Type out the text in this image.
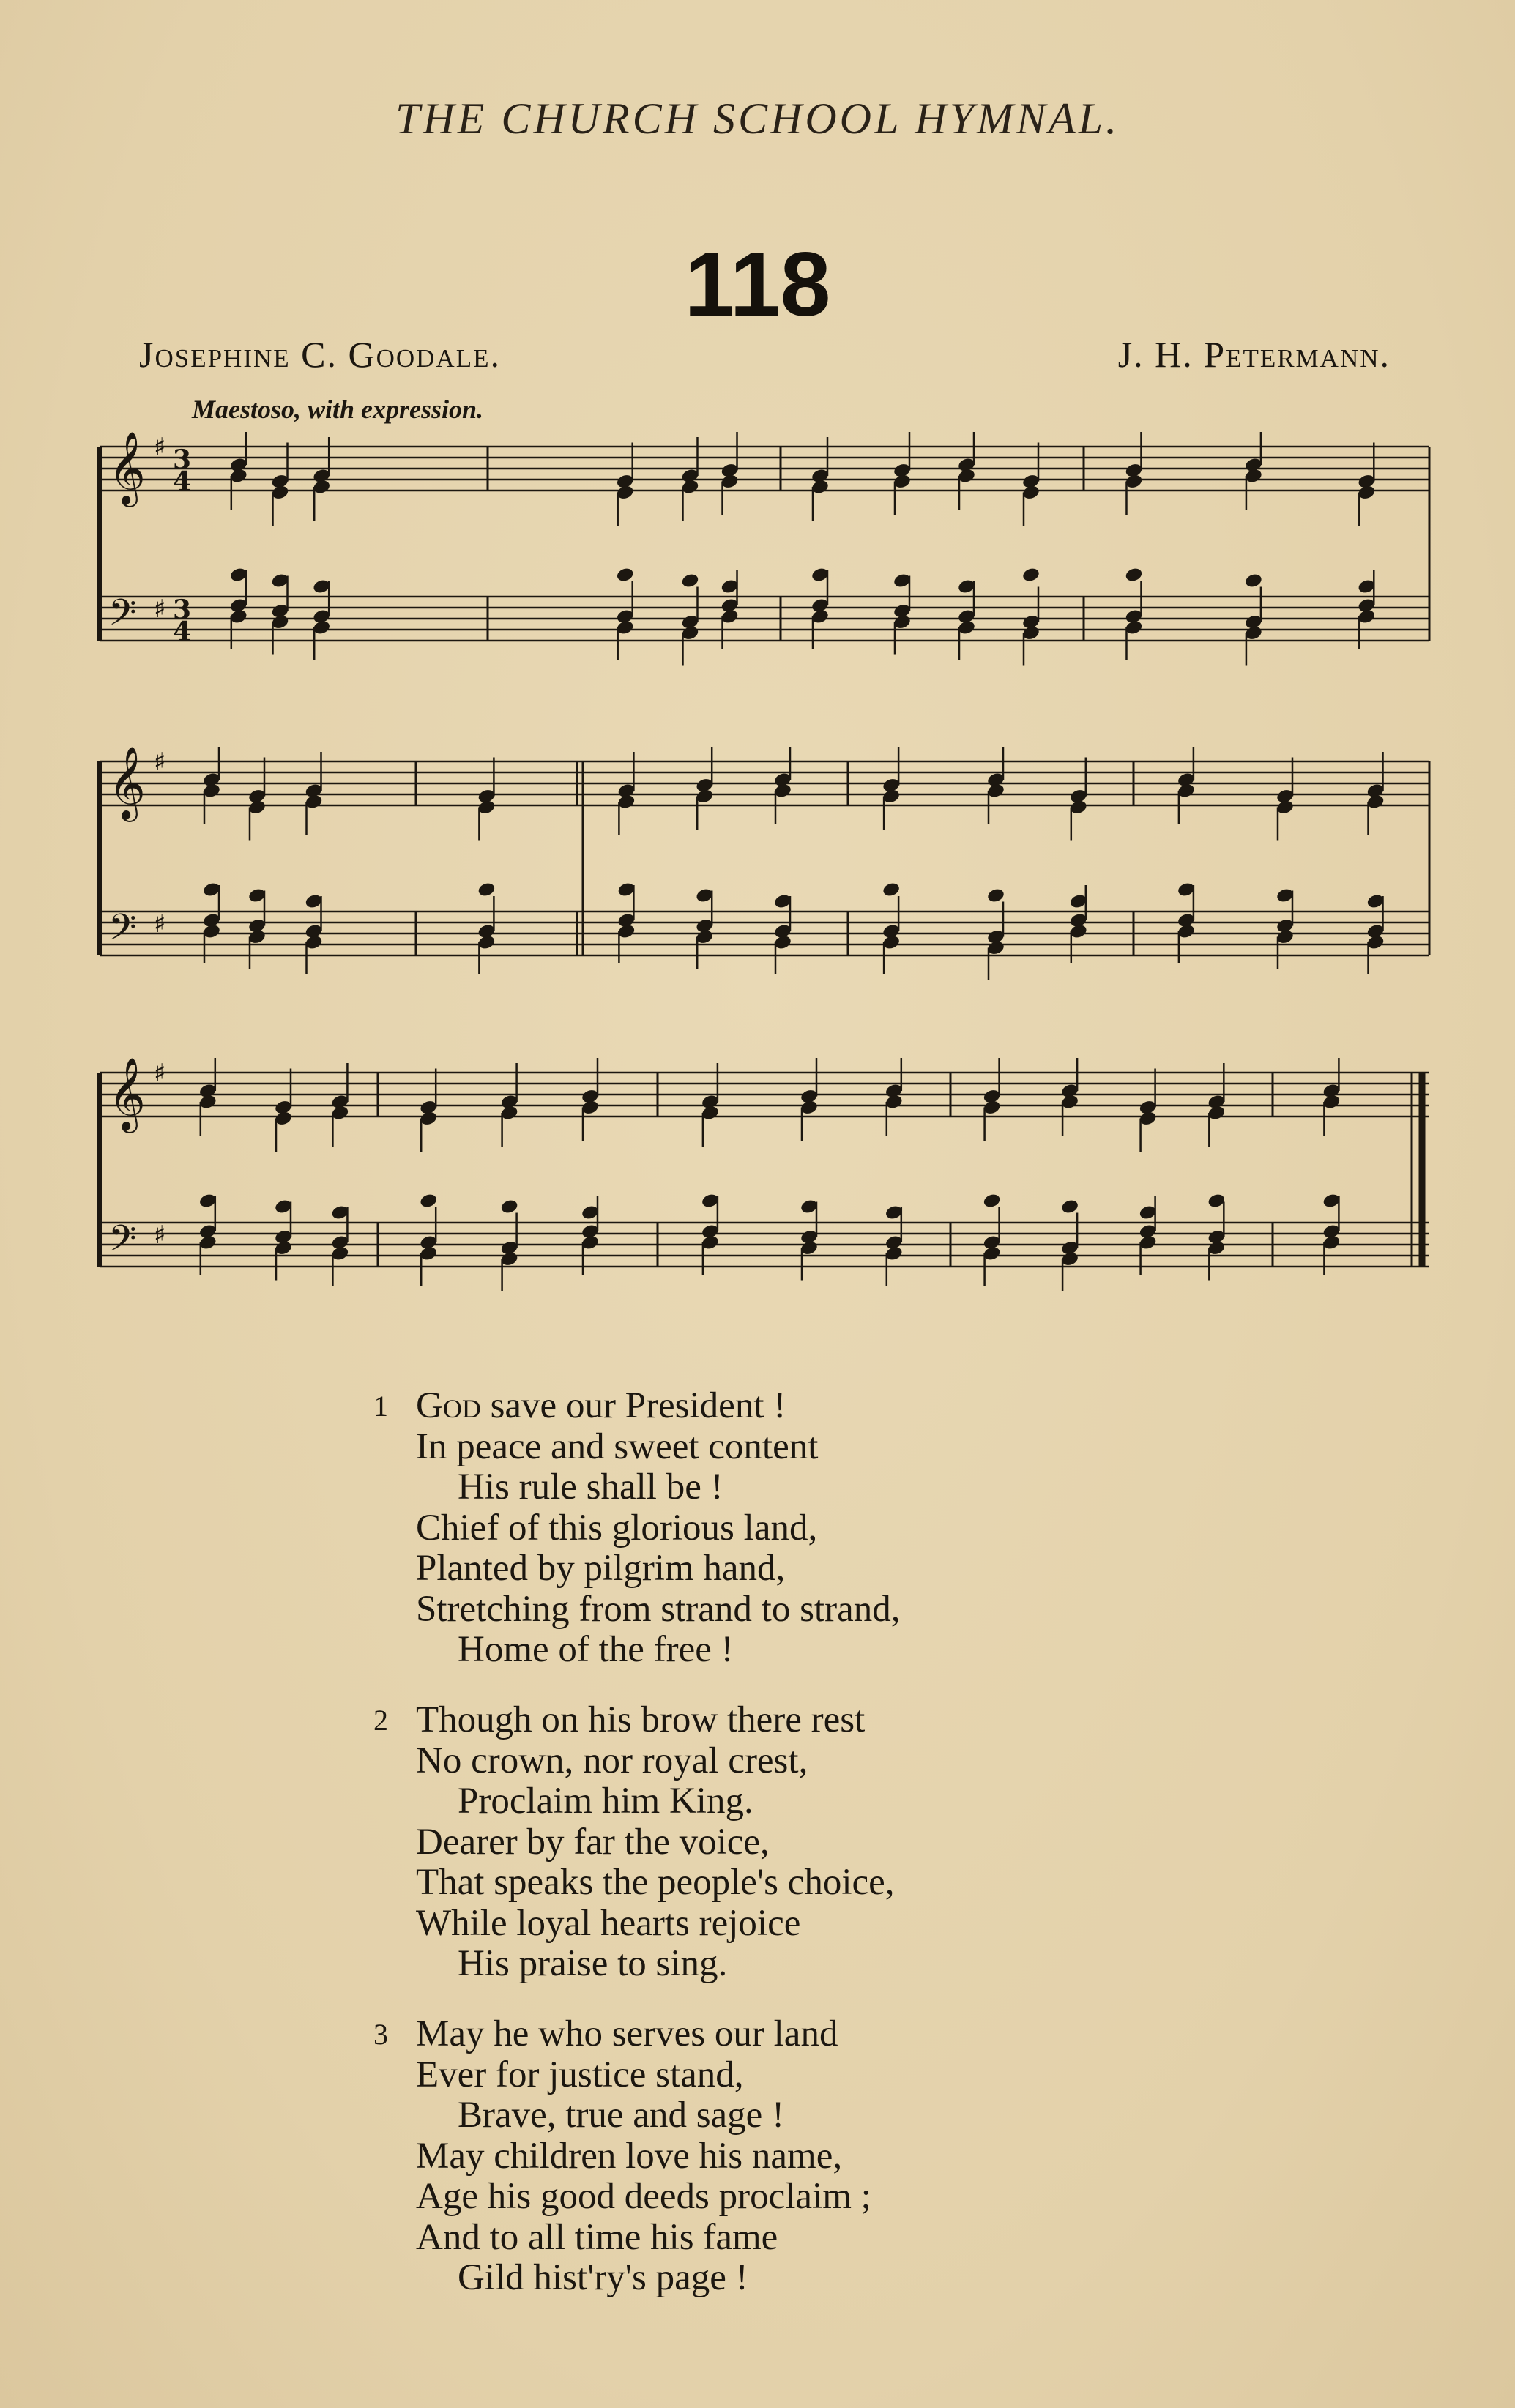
THE CHURCH SCHOOL HYMNAL.
118
Josephine C. Goodale.	J. H. Petermann.
Maestoso, with expression.
𝄞
𝄢
♯
♯
3
4
3
4
𝄞
𝄢
♯
♯
𝄞
𝄢
♯
♯
1 God save our President !
In peace and sweet content
His rule shall be !
Chief of this glorious land,
Planted by pilgrim hand,
Stretching from strand to strand,
Home of the free !
2 Though on his brow there rest
No crown, nor royal crest,
Proclaim him King.
Dearer by far the voice,
That speaks the people's choice,
While loyal hearts rejoice
His praise to sing.
3 May he who serves our land
Ever for justice stand,
Brave, true and sage !
May children love his name,
Age his good deeds proclaim ;
And to all time his fame
Gild hist'ry's page !
